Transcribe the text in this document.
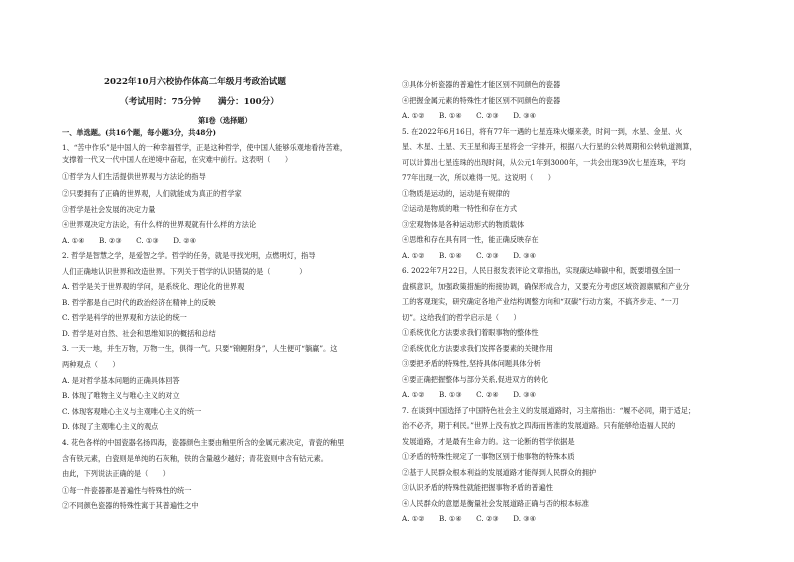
2022年10月六校协作体高二年级月考政治试题
（考试用时：75分钟　　满分：100分）
第Ⅰ卷（选择题）
一、单选题。(共16个题，每小题3分，共48分)
1、“苦中作乐”是中国人的一种幸福哲学，正是这种哲学，使中国人能够乐观地看待苦难，
支撑着一代又一代中国人在逆境中奋起，在灾难中前行。这表明（　　）
①哲学为人们生活提供世界观与方法论的指导
②只要拥有了正确的世界观，人们就能成为真正的哲学家
③哲学是社会发展的决定力量
④世界观决定方法论，有什么样的世界观就有什么样的方法论
A. ①④　　B. ②③　　C. ①③　　D. ②④
2. 哲学是智慧之学，是爱智之学。哲学的任务，就是寻找光明，点燃明灯，指导
人们正确地认识世界和改造世界。下列关于哲学的认识错误的是（　　　　）
A. 哲学是关于世界观的学问，是系统化、理论化的世界观
B. 哲学都是自己时代的政治经济在精神上的反映
C. 哲学是科学的世界观和方法论的统一
D. 哲学是对自然、社会和思维知识的概括和总结
3. 一天一地，并生万物，万物一生，俱得一气。只要“锦鲤附身”，人生便可“躺赢”。这
两种观点（　　）
A. 是对哲学基本问题的正确具体回答
B. 体现了唯物主义与唯心主义的对立
C. 体现客观唯心主义与主观唯心主义的统一
D. 体现了主观唯心主义的观点
4. 花色各样的中国瓷器名扬四海，瓷器颜色主要由釉里所含的金属元素决定，青瓷的釉里
含有铁元素，白瓷则是单纯的石灰釉，铁的含量越少越好；青花瓷则中含有钴元素。
由此，下列说法正确的是（　　）
①每一件瓷器都是普遍性与特殊性的统一
②不同颜色瓷器的特殊性寓于其普遍性之中
③具体分析瓷器的普遍性才能区别不同颜色的瓷器
④把握金属元素的特殊性才能区别不同颜色的瓷器
A. ①②　　B. ①④　　C. ②③　　D. ③④
5. 在2022年6月16日，将有77年一遇的七星连珠火爆来袭，时间一到，水星、金星、火
星、木星、土星、天王星和海王星将会一字排开，根据八大行星的公转周期和公转轨道测算，
可以计算出七星连珠的出现时间，从公元1年到3000年，一共会出现39次七星连珠，平均
77年出现一次，所以难得一见。这说明（　　）
①物质是运动的，运动是有规律的
②运动是物质的唯一特性和存在方式
③宏观物体是各种运动形式的物质载体
④思维和存在具有同一性，能正确反映存在
A. ①②　　B. ①④　　C. ②③　　D. ③④
6. 2022年7月22日，人民日报发表评论文章指出，实现碳达峰碳中和，既要增强全国一
盘棋意识，加强政策措施的衔接协调，确保形成合力，又要充分考虑区域资源禀赋和产业分
工的客观现实，研究确定各地产业结构调整方向和“双碳”行动方案，不搞齐步走、“一刀
切”。这给我们的哲学启示是（　　）
①系统优化方法要求我们着眼事物的整体性
②系统优化方法要求我们发挥各要素的关键作用
③要把矛盾的特殊性,坚持具体问题具体分析
④要正确把握整体与部分关系,促进双方的转化
A. ①②　　B. ①③　　C. ②④　　D. ③④
7. 在谈到中国选择了中国特色社会主义的发展道路时，习主席指出：“履不必同，期于适足；
治不必齐，期于利民。”世界上没有放之四海而皆准的发展道路。只有能够给造福人民的
发展道路，才是最有生命力的。这一论断的哲学依据是
①矛盾的特殊性规定了一事物区别于他事物的特殊本质
②基于人民群众根本利益的发展道路才能得到人民群众的拥护
③认识矛盾的特殊性就能把握事物矛盾的普遍性
④人民群众的意愿是衡量社会发展道路正确与否的根本标准
A. ①②　　B. ①④　　C. ②③　　D. ③④
